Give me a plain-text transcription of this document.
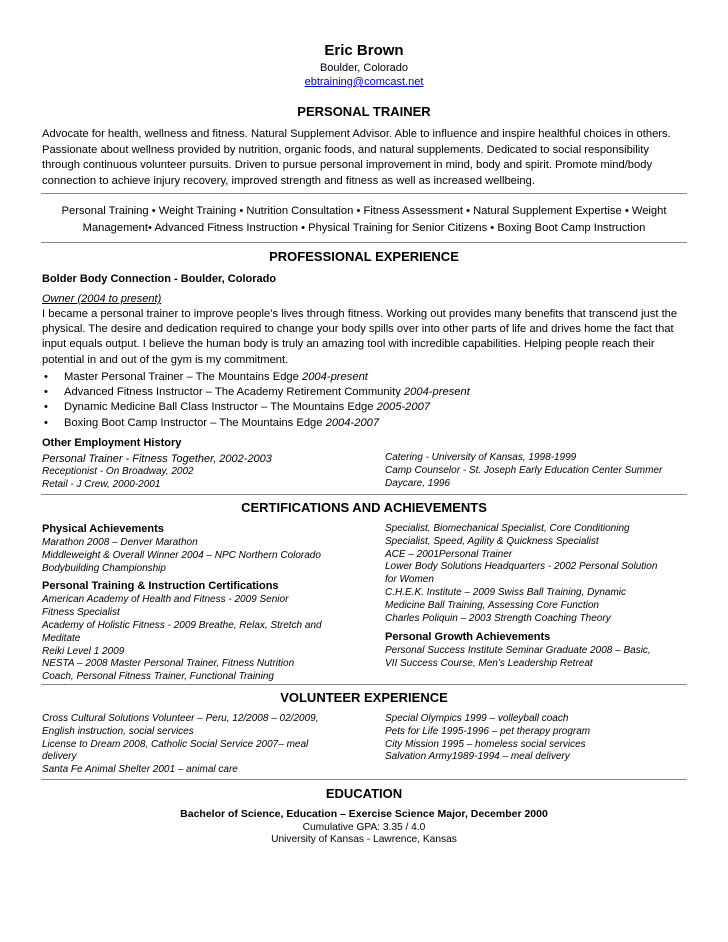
Eric Brown
Boulder, Colorado
ebtraining@comcast.net
PERSONAL TRAINER
Advocate for health, wellness and fitness. Natural Supplement Advisor. Able to influence and inspire healthful choices in others. Passionate about wellness provided by nutrition, organic foods, and natural supplements. Dedicated to social responsibility through continuous volunteer pursuits. Driven to pursue personal improvement in mind, body and spirit. Promote mind/body connection to achieve injury recovery, improved strength and fitness as well as increased wellbeing.
Personal Training • Weight Training • Nutrition Consultation • Fitness Assessment • Natural Supplement Expertise • Weight Management• Advanced Fitness Instruction • Physical Training for Senior Citizens • Boxing Boot Camp Instruction
PROFESSIONAL EXPERIENCE
Bolder Body Connection - Boulder, Colorado
Owner (2004 to present)
I became a personal trainer to improve people’s lives through fitness. Working out provides many benefits that transcend just the physical. The desire and dedication required to change your body spills over into other parts of life and drives home the fact that input equals output. I believe the human body is truly an amazing tool with incredible capabilities. Helping people reach their potential in and out of the gym is my commitment.
• Master Personal Trainer – The Mountains Edge 2004-present
• Advanced Fitness Instructor – The Academy Retirement Community 2004-present
• Dynamic Medicine Ball Class Instructor – The Mountains Edge 2005-2007
• Boxing Boot Camp Instructor – The Mountains Edge 2004-2007
Other Employment History
Personal Trainer - Fitness Together, 2002-2003
Receptionist - On Broadway, 2002
Retail - J Crew, 2000-2001
Catering - University of Kansas, 1998-1999
Camp Counselor - St. Joseph Early Education Center Summer
Daycare, 1996
CERTIFICATIONS AND ACHIEVEMENTS
Physical Achievements
Marathon 2008 – Denver Marathon
Middleweight & Overall Winner 2004 – NPC Northern Colorado
Bodybuilding Championship
Personal Training & Instruction Certifications
American Academy of Health and Fitness - 2009 Senior
Fitness Specialist
Academy of Holistic Fitness - 2009 Breathe, Relax, Stretch and
Meditate
Reiki Level 1 2009
NESTA – 2008 Master Personal Trainer, Fitness Nutrition
Coach, Personal Fitness Trainer, Functional Training
Specialist, Biomechanical Specialist, Core Conditioning
Specialist, Speed, Agility & Quickness Specialist
ACE – 2001Personal Trainer
Lower Body Solutions Headquarters - 2002 Personal Solution
for Women
C.H.E.K. Institute – 2009 Swiss Ball Training, Dynamic
Medicine Ball Training, Assessing Core Function
Charles Poliquin – 2003 Strength Coaching Theory
Personal Growth Achievements
Personal Success Institute Seminar Graduate 2008 – Basic,
VII Success Course, Men’s Leadership Retreat
VOLUNTEER EXPERIENCE
Cross Cultural Solutions Volunteer – Peru, 12/2008 – 02/2009,
English instruction, social services
License to Dream 2008, Catholic Social Service 2007– meal
delivery
Santa Fe Animal Shelter 2001 – animal care
Special Olympics 1999 – volleyball coach
Pets for Life 1995-1996 – pet therapy program
City Mission 1995 – homeless social services
Salvation Army1989-1994 – meal delivery
EDUCATION
Bachelor of Science, Education – Exercise Science Major, December 2000
Cumulative GPA: 3.35 / 4.0
University of Kansas - Lawrence, Kansas
